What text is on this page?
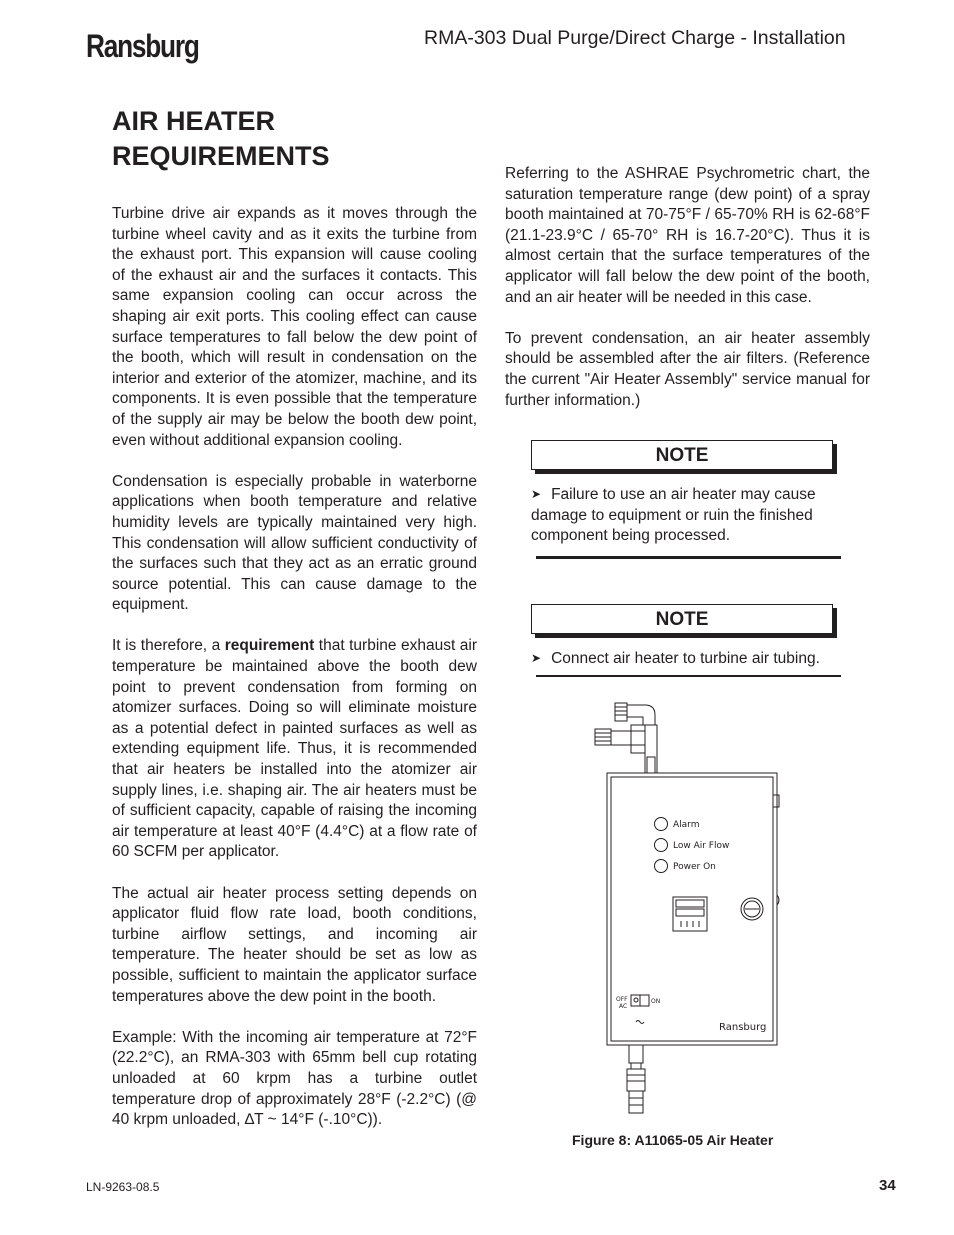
Ransburg	RMA-303 Dual Purge/Direct Charge - Installation
AIR HEATER
REQUIREMENTS

Turbine drive air expands as it moves through the turbine wheel cavity and as it exits the turbine from the exhaust port. This expansion will cause cooling of the exhaust air and the surfaces it contacts. This same expansion cooling can occur across the shaping air exit ports. This cooling effect can cause surface temperatures to fall below the dew point of the booth, which will result in condensation on the interior and exterior of the atomizer, machine, and its components. It is even possible that the temperature of the supply air may be below the booth dew point, even without additional expansion cooling.

Condensation is especially probable in waterborne applications when booth temperature and relative humidity levels are typically maintained very high. This condensation will allow sufficient conductivity of the surfaces such that they act as an erratic ground source potential. This can cause damage to the equipment.

It is therefore, a requirement that turbine exhaust air temperature be maintained above the booth dew point to prevent condensation from forming on atomizer surfaces. Doing so will eliminate moisture as a potential defect in painted surfaces as well as extending equipment life. Thus, it is recommended that air heaters be installed into the atomizer air supply lines, i.e. shaping air. The air heaters must be of sufficient capacity, capable of raising the incoming air temperature at least 40°F (4.4°C) at a flow rate of 60 SCFM per applicator.

The actual air heater process setting depends on applicator fluid flow rate load, booth conditions, turbine airflow settings, and incoming air temperature. The heater should be set as low as possible, sufficient to maintain the applicator surface temperatures above the dew point in the booth.

Example: With the incoming air temperature at 72°F (22.2°C), an RMA-303 with 65mm bell cup rotating unloaded at 60 krpm has a turbine outlet temperature drop of approximately 28°F (-2.2°C) (@ 40 krpm unloaded, ∆T ~ 14°F (-.10°C)).

Referring to the ASHRAE Psychrometric chart, the saturation temperature range (dew point) of a spray booth maintained at 70-75°F / 65-70% RH is 62-68°F (21.1-23.9°C / 65-70° RH is 16.7-20°C). Thus it is almost certain that the surface temperatures of the applicator will fall below the dew point of the booth, and an air heater will be needed in this case.

To prevent condensation, an air heater assembly should be assembled after the air filters. (Reference the current "Air Heater Assembly" service manual for further information.)

NOTE
➤ Failure to use an air heater may cause damage to equipment or ruin the finished component being processed.
NOTE
➤ Connect air heater to turbine air tubing.
Alarm
Low Air Flow
Power On
OFF
AC
ON
Ransburg
Figure 8: A11065-05 Air Heater
LN-9263-08.5	34
